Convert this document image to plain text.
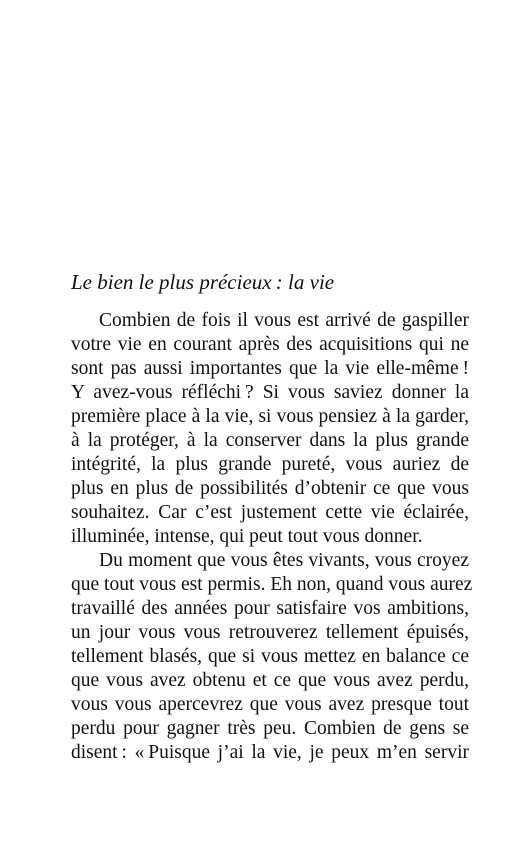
Le bien le plus précieux : la vie
Combien de fois il vous est arrivé de gaspiller
votre vie en courant après des acquisitions qui ne
sont pas aussi importantes que la vie elle-même !
Y avez-vous réfléchi ? Si vous saviez donner la
première place à la vie, si vous pensiez à la garder,
à la protéger, à la conserver dans la plus grande
intégrité, la plus grande pureté, vous auriez de
plus en plus de possibilités d’obtenir ce que vous
souhaitez. Car c’est justement cette vie éclairée,
illuminée, intense, qui peut tout vous donner.
Du moment que vous êtes vivants, vous croyez
que tout vous est permis. Eh non, quand vous aurez
travaillé des années pour satisfaire vos ambitions,
un jour vous vous retrouverez tellement épuisés,
tellement blasés, que si vous mettez en balance ce
que vous avez obtenu et ce que vous avez perdu,
vous vous apercevrez que vous avez presque tout
perdu pour gagner très peu. Combien de gens se
disent : « Puisque j’ai la vie, je peux m’en servir
